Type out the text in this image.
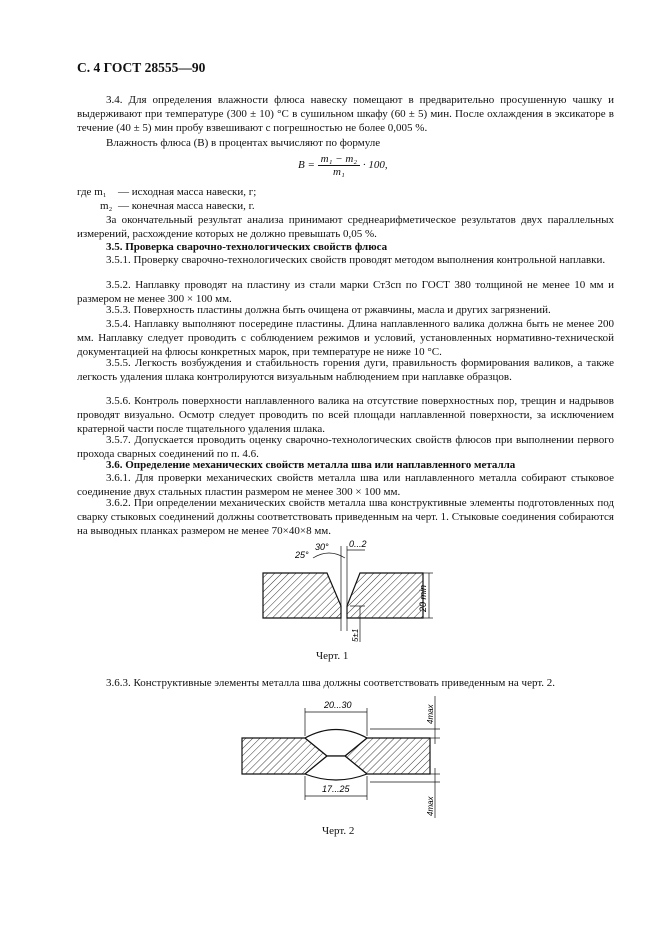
С. 4 ГОСТ 28555—90

3.4. Для определения влажности флюса навеску помещают в предварительно просушенную чашку и выдерживают при температуре (300 ± 10) °С в сушильном шкафу (60 ± 5) мин. После охлаждения в эксикаторе в течение (40 ± 5) мин пробу взвешивают с погрешностью не более 0,005 %.

Влажность флюса (В) в процентах вычисляют по формуле

$B = \frac{\text{m₁ − m₂}}{\text{m₁}} \cdot 100$,
где m₁ — исходная масса навески, г;
m₂ — конечная масса навески, г.

За окончательный результат анализа принимают среднеарифметическое результатов двух параллельных измерений, расхождение которых не должно превышать 0,05 %.

3.5. Проверка сварочно-технологических свойств флюса

3.5.1. Проверку сварочно-технологических свойств проводят методом выполнения контрольной наплавки.

3.5.2. Наплавку проводят на пластину из стали марки Ст3сп по ГОСТ 380 толщиной не менее 10 мм и размером не менее 300 × 100 мм.

3.5.3. Поверхность пластины должна быть очищена от ржавчины, масла и других загрязнений.

3.5.4. Наплавку выполняют посередине пластины. Длина наплавленного валика должна быть не менее 200 мм. Наплавку следует проводить с соблюдением режимов и условий, установленных нормативно-технической документацией на флюсы конкретных марок, при температуре не ниже 10 °С.

3.5.5. Легкость возбуждения и стабильность горения дуги, правильность формирования валиков, а также легкость удаления шлака контролируются визуальным наблюдением при наплавке образцов.

3.5.6. Контроль поверхности наплавленного валика на отсутствие поверхностных пор, трещин и надрывов проводят визуально. Осмотр следует проводить по всей площади наплавленной поверхности, за исключением кратерной части после тщательного удаления шлака.

3.5.7. Допускается проводить оценку сварочно-технологических свойств флюсов при выполнении первого прохода сварных соединений по п. 4.6.

3.6. Определение механических свойств металла шва или наплавленного металла

3.6.1. Для проверки механических свойств металла шва или наплавленного металла собирают стыковое соединение двух стальных пластин размером не менее 300 × 100 мм.

3.6.2. При определении механических свойств металла шва конструктивные элементы подготовленных под сварку стыковых соединений должны соответствовать приведенным на черт. 1. Стыковые соединения собираются на выводных планках размером не менее 70×40×8 мм.

25°
30° 0...2
20 min
5±1
Черт. 1

3.6.3. Конструктивные элементы металла шва должны соответствовать приведенным на черт. 2.

20...30
17...25
4max
4max
Черт. 2
